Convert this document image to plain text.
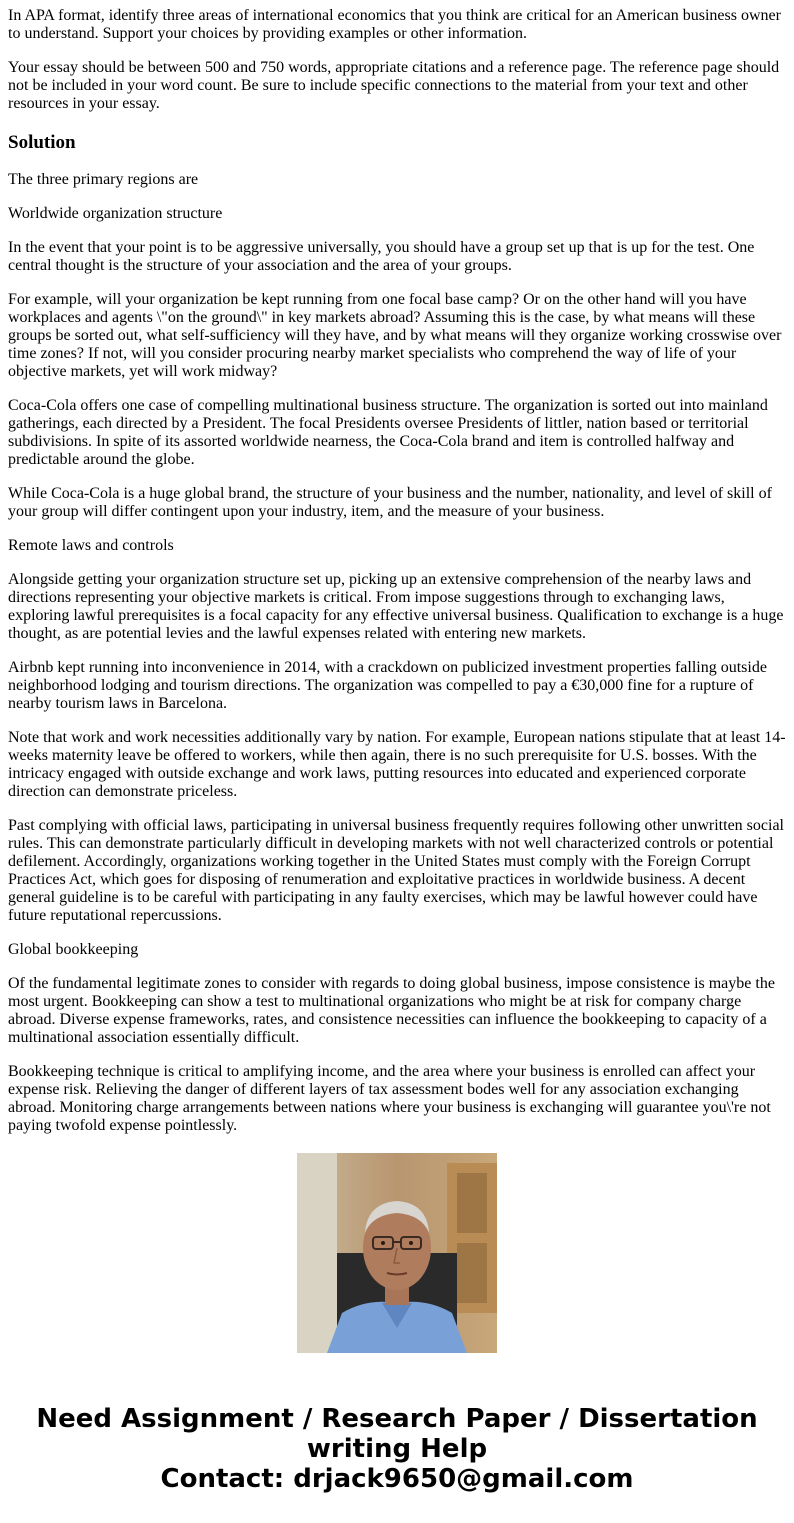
In APA format, identify three areas of international economics that you think are critical for an American business owner to understand. Support your choices by providing examples or other information.

Your essay should be between 500 and 750 words, appropriate citations and a reference page. The reference page should not be included in your word count. Be sure to include specific connections to the material from your text and other resources in your essay.

Solution

The three primary regions are

Worldwide organization structure

In the event that your point is to be aggressive universally, you should have a group set up that is up for the test. One central thought is the structure of your association and the area of your groups.

For example, will your organization be kept running from one focal base camp? Or on the other hand will you have workplaces and agents \"on the ground\" in key markets abroad? Assuming this is the case, by what means will these groups be sorted out, what self-sufficiency will they have, and by what means will they organize working crosswise over time zones? If not, will you consider procuring nearby market specialists who comprehend the way of life of your objective markets, yet will work midway?

Coca-Cola offers one case of compelling multinational business structure. The organization is sorted out into mainland gatherings, each directed by a President. The focal Presidents oversee Presidents of littler, nation based or territorial subdivisions. In spite of its assorted worldwide nearness, the Coca-Cola brand and item is controlled halfway and predictable around the globe.

While Coca-Cola is a huge global brand, the structure of your business and the number, nationality, and level of skill of your group will differ contingent upon your industry, item, and the measure of your business.

Remote laws and controls

Alongside getting your organization structure set up, picking up an extensive comprehension of the nearby laws and directions representing your objective markets is critical. From impose suggestions through to exchanging laws, exploring lawful prerequisites is a focal capacity for any effective universal business. Qualification to exchange is a huge thought, as are potential levies and the lawful expenses related with entering new markets.

Airbnb kept running into inconvenience in 2014, with a crackdown on publicized investment properties falling outside neighborhood lodging and tourism directions. The organization was compelled to pay a €30,000 fine for a rupture of nearby tourism laws in Barcelona.

Note that work and work necessities additionally vary by nation. For example, European nations stipulate that at least 14-weeks maternity leave be offered to workers, while then again, there is no such prerequisite for U.S. bosses. With the intricacy engaged with outside exchange and work laws, putting resources into educated and experienced corporate direction can demonstrate priceless.

Past complying with official laws, participating in universal business frequently requires following other unwritten social rules. This can demonstrate particularly difficult in developing markets with not well characterized controls or potential defilement. Accordingly, organizations working together in the United States must comply with the Foreign Corrupt Practices Act, which goes for disposing of renumeration and exploitative practices in worldwide business. A decent general guideline is to be careful with participating in any faulty exercises, which may be lawful however could have future reputational repercussions.

Global bookkeeping

Of the fundamental legitimate zones to consider with regards to doing global business, impose consistence is maybe the most urgent. Bookkeeping can show a test to multinational organizations who might be at risk for company charge abroad. Diverse expense frameworks, rates, and consistence necessities can influence the bookkeeping to capacity of a multinational association essentially difficult.

Bookkeeping technique is critical to amplifying income, and the area where your business is enrolled can affect your expense risk. Relieving the danger of different layers of tax assessment bodes well for any association exchanging abroad. Monitoring charge arrangements between nations where your business is exchanging will guarantee you\'re not paying twofold expense pointlessly.

Need Assignment / Research Paper / Dissertation
writing Help
Contact: drjack9650@gmail.com
